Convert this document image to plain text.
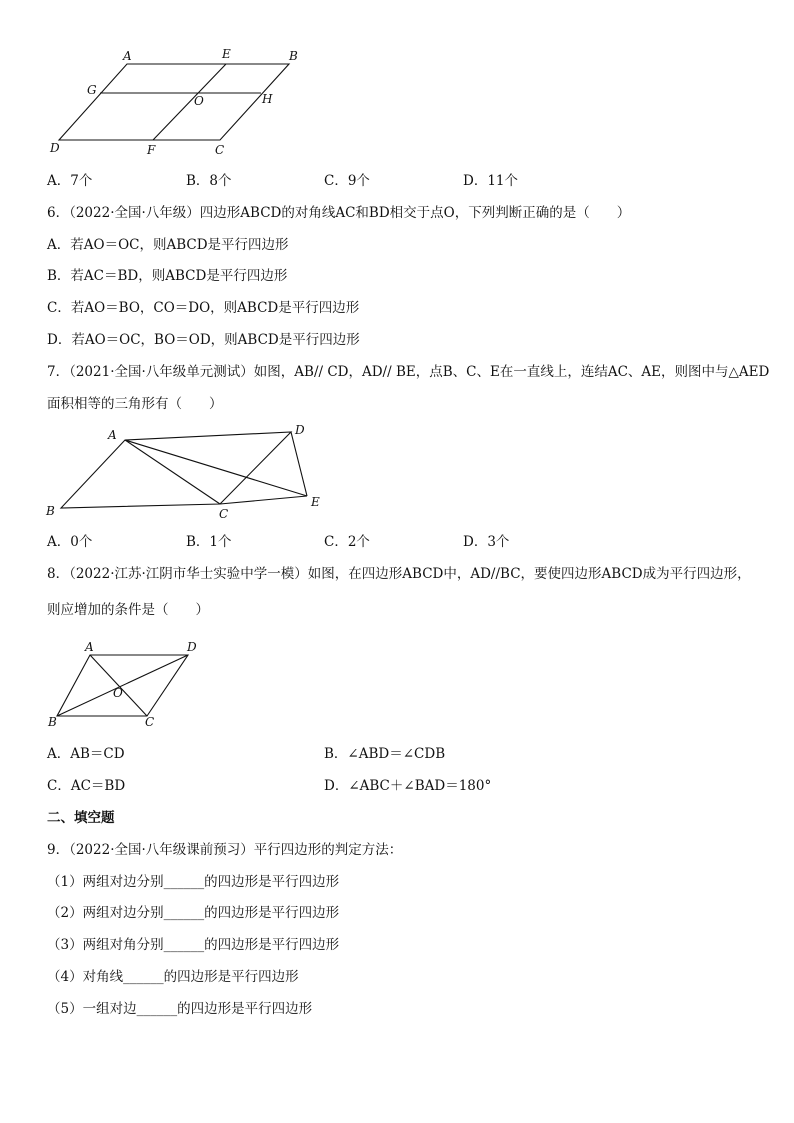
A	E	B
G
O	H
D	F	C
A．7个	B．8个	C．9个	D．11个
6．（2022·全国·八年级）四边形ABCD的对角线AC和BD相交于点O，下列判断正确的是（　　）
A．若AO＝OC，则ABCD是平行四边形
B．若AC＝BD，则ABCD是平行四边形
C．若AO＝BO，CO＝DO，则ABCD是平行四边形
D．若AO＝OC，BO＝OD，则ABCD是平行四边形
7．（2021·全国·八年级单元测试）如图，AB// CD，AD// BE，点B、C、E在一直线上，连结AC、AE，则图中与△AED
面积相等的三角形有（　　）
A	D
B	C
E
A．0个	B．1个	C．2个	D．3个
8．（2022·江苏·江阴市华士实验中学一模）如图，在四边形ABCD中，AD//BC，要使四边形ABCD成为平行四边形，
则应增加的条件是（　　）
A	D
O
B	C
A．AB＝CD	B．∠ABD＝∠CDB
C．AC＝BD	D．∠ABC＋∠BAD＝180°
二、填空题
9．（2022·全国·八年级课前预习）平行四边形的判定方法：
（1）两组对边分别______的四边形是平行四边形
（2）两组对边分别______的四边形是平行四边形
（3）两组对角分别______的四边形是平行四边形
（4）对角线______的四边形是平行四边形
（5）一组对边______的四边形是平行四边形
